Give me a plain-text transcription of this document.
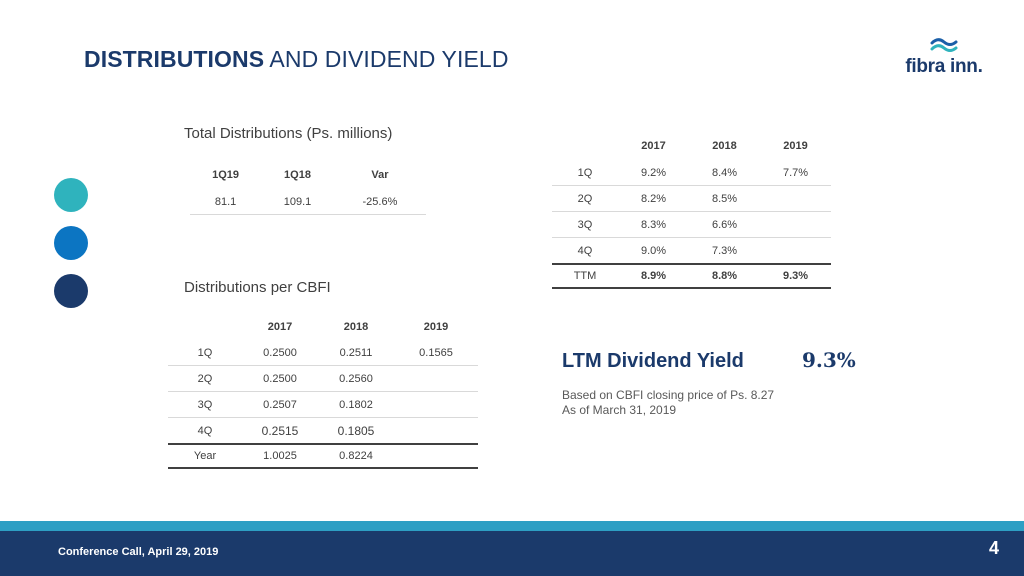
DISTRIBUTIONS AND DIVIDEND YIELD	fibra inn.
Total Distributions (Ps. millions)
1Q19	1Q18	Var
81.1	109.1	-25.6%
	2017	2018	2019
1Q	9.2%	8.4%	7.7%
2Q	8.2%	8.5%	
3Q	8.3%	6.6%	
4Q	9.0%	7.3%	
TTM	8.9%	8.8%	9.3%
Distributions per CBFI
	2017	2018	2019
1Q	0.2500	0.2511	0.1565
2Q	0.2500	0.2560	
3Q	0.2507	0.1802	
4Q	0.2515	0.1805	
Year	1.0025	0.8224	
LTM Dividend Yield	9.3%
Based on CBFI closing price of Ps. 8.27
As of March 31, 2019
Conference Call, April 29, 2019	4
